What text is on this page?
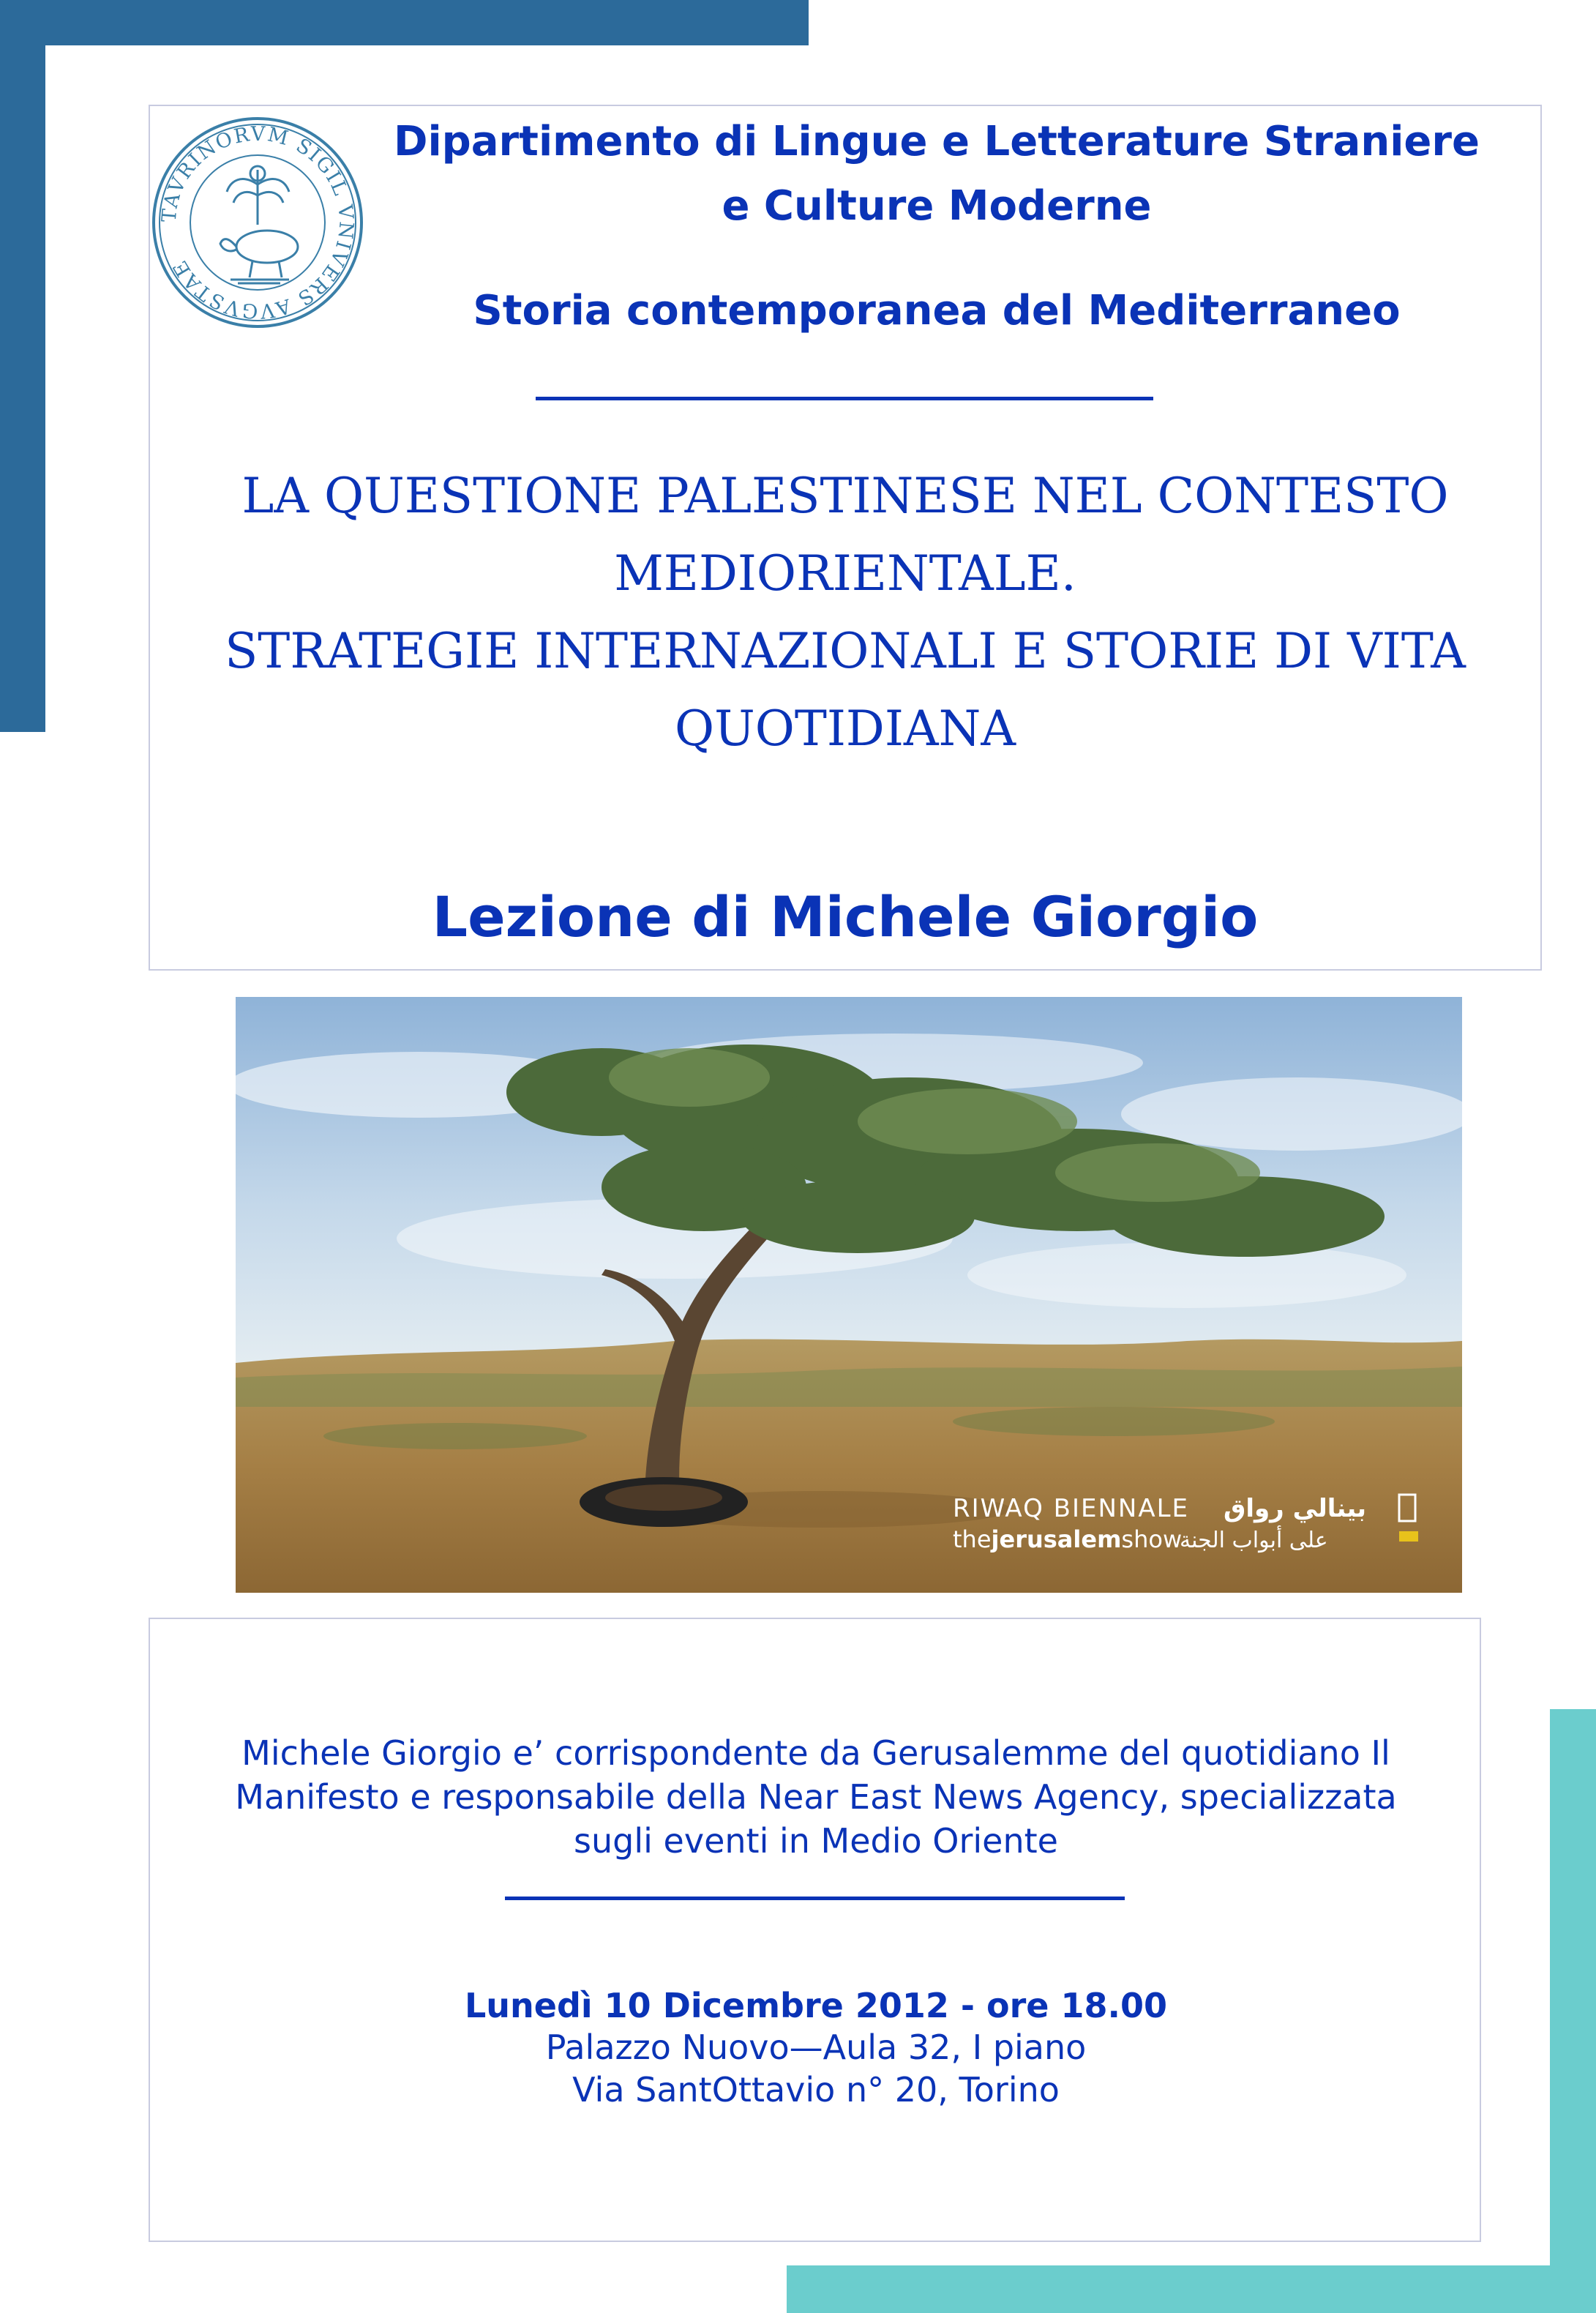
TAVRINORVM SIGIL VNIVERS AVGVSTAE
Dipartimento di Lingue e Letterature Straniere
e Culture Moderne
Storia contemporanea del Mediterraneo
LA QUESTIONE PALESTINESE NEL CONTESTO
MEDIORIENTALE.
STRATEGIE INTERNAZIONALI E STORIE DI VITA
QUOTIDIANA
Lezione di Michele Giorgio
RIWAQ BIENNALE بينالي رواق
thejerusalemshow
على أبواب الجنة
Michele Giorgio e’ corrispondente da Gerusalemme del quotidiano Il
Manifesto e responsabile della Near East News Agency, specializzata
sugli eventi in Medio Oriente
Lunedì 10 Dicembre 2012 - ore 18.00
Palazzo Nuovo—Aula 32, I piano
Via SantOttavio n° 20, Torino
